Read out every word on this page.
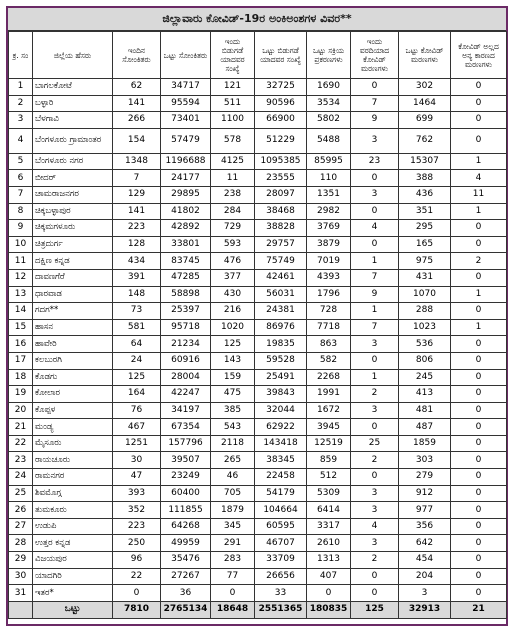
ಜಿಲ್ಲಾವಾರು ಕೋವಿಡ್-19ರ ಅಂಕಿಅಂಶಗಳ ವಿವರ**
ಕ್ರ. ಸಂ	ಜಿಲ್ಲೆಯ ಹೆಸರು	ಇಂದಿನ ಸೋಂಕಿತರು	ಒಟ್ಟು ಸೋಂಕಿತರು	ಇಂದು ಬಿಡುಗಡೆ ಯಾದವರ ಸಂಖ್ಯೆ	ಒಟ್ಟು ಬಿಡುಗಡೆ ಯಾದವರ ಸಂಖ್ಯೆ	ಒಟ್ಟು ಸಕ್ರಿಯ ಪ್ರಕರಣಗಳು	ಇಂದು ವರದಿಯಾದ ಕೋವಿಡ್ ಮರಣಗಳು	ಒಟ್ಟು ಕೋವಿಡ್ ಮರಣಗಳು	ಕೋವಿಡ್ ಅಲ್ಲದ ಅನ್ಯ ಕಾರಣದ ಮರಣಗಳು
1	ಬಾಗಲಕೋಟೆ	62	34717	121	32725	1690	0	302	0
2	ಬಳ್ಳಾರಿ	141	95594	511	90596	3534	7	1464	0
3	ಬೆಳಗಾವಿ	266	73401	1100	66900	5802	9	699	0
4	ಬೆಂಗಳೂರು ಗ್ರಾಮಾಂತರ	154	57479	578	51229	5488	3	762	0
5	ಬೆಂಗಳೂರು ನಗರ	1348	1196688	4125	1095385	85995	23	15307	1
6	ಬೀದರ್	7	24177	11	23555	110	0	388	4
7	ಚಾಮರಾಜನಗರ	129	29895	238	28097	1351	3	436	11
8	ಚಿಕ್ಕಬಳ್ಳಾಪುರ	141	41802	284	38468	2982	0	351	1
9	ಚಿಕ್ಕಮಗಳೂರು	223	42892	729	38828	3769	4	295	0
10	ಚಿತ್ರದುರ್ಗ	128	33801	593	29757	3879	0	165	0
11	ದಕ್ಷಿಣ ಕನ್ನಡ	434	83745	476	75749	7019	1	975	2
12	ದಾವಣಗೆರೆ	391	47285	377	42461	4393	7	431	0
13	ಧಾರವಾಡ	148	58898	430	56031	1796	9	1070	1
14	ಗದಗ**	73	25397	216	24381	728	1	288	0
15	ಹಾಸನ	581	95718	1020	86976	7718	7	1023	1
16	ಹಾವೇರಿ	64	21234	125	19835	863	3	536	0
17	ಕಲಬುರಗಿ	24	60916	143	59528	582	0	806	0
18	ಕೊಡಗು	125	28004	159	25491	2268	1	245	0
19	ಕೋಲಾರ	164	42247	475	39843	1991	2	413	0
20	ಕೊಪ್ಪಳ	76	34197	385	32044	1672	3	481	0
21	ಮಂಡ್ಯ	467	67354	543	62922	3945	0	487	0
22	ಮೈಸೂರು	1251	157796	2118	143418	12519	25	1859	0
23	ರಾಯಚೂರು	30	39507	265	38345	859	2	303	0
24	ರಾಮನಗರ	47	23249	46	22458	512	0	279	0
25	ಶಿವಮೊಗ್ಗ	393	60400	705	54179	5309	3	912	0
26	ತುಮಕೂರು	352	111855	1879	104664	6414	3	977	0
27	ಉಡುಪಿ	223	64268	345	60595	3317	4	356	0
28	ಉತ್ತರ ಕನ್ನಡ	250	49959	291	46707	2610	3	642	0
29	ವಿಜಯಪುರ	96	35476	283	33709	1313	2	454	0
30	ಯಾದಗಿರಿ	22	27267	77	26656	407	0	204	0
31	ಇತರ*	0	36	0	33	0	0	3	0
	ಒಟ್ಟು	7810	2765134	18648	2551365	180835	125	32913	21
